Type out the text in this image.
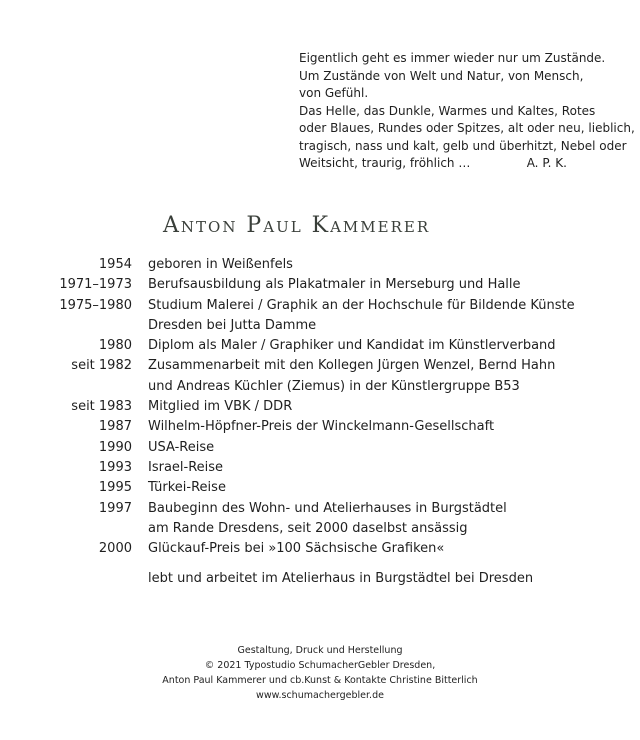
Eigentlich geht es immer wieder nur um Zustände.
Um Zustände von Welt und Natur, von Mensch,
von Gefühl.
Das Helle, das Dunkle, Warmes und Kaltes, Rotes
oder Blaues, Rundes oder Spitzes, alt oder neu, lieblich,
tragisch, nass und kalt, gelb und überhitzt, Nebel oder
Weitsicht, traurig, fröhlich …	A. P. K.
Anton Paul Kammerer
1954	geboren in Weißenfels
1971–1973	Berufsausbildung als Plakatmaler in Merseburg und Halle
1975–1980	Studium Malerei / Graphik an der Hochschule für Bildende Künste
Dresden bei Jutta Damme
1980	Diplom als Maler / Graphiker und Kandidat im Künstlerverband
seit 1982	Zusammenarbeit mit den Kollegen Jürgen Wenzel, Bernd Hahn
und Andreas Küchler (Ziemus) in der Künstlergruppe B53
seit 1983	Mitglied im VBK / DDR
1987	Wilhelm-Höpfner-Preis der Winckelmann-Gesellschaft
1990	USA-Reise
1993	Israel-Reise
1995	Türkei-Reise
1997	Baubeginn des Wohn- und Atelierhauses in Burgstädtel
am Rande Dresdens, seit 2000 daselbst ansässig
2000	Glückauf-Preis bei »100 Sächsische Grafiken«
lebt und arbeitet im Atelierhaus in Burgstädtel bei Dresden
Gestaltung, Druck und Herstellung
© 2021 Typostudio SchumacherGebler Dresden,
Anton Paul Kammerer und cb.Kunst & Kontakte Christine Bitterlich
www.schumachergebler.de
